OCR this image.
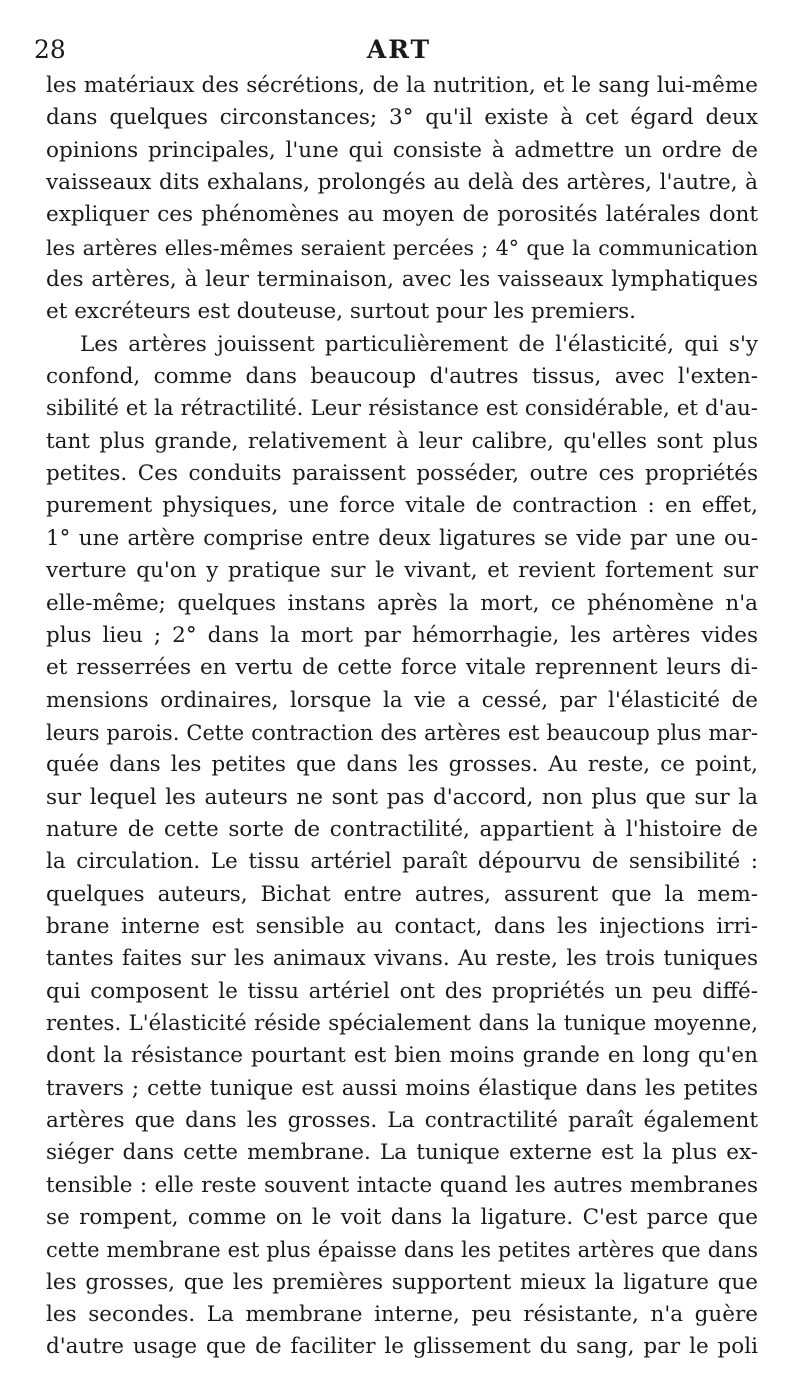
28	ART
les matériaux des sécrétions, de la nutrition, et le sang lui-même
dans quelques circonstances; 3° qu'il existe à cet égard deux
opinions principales, l'une qui consiste à admettre un ordre de
vaisseaux dits exhalans, prolongés au delà des artères, l'autre, à
expliquer ces phénomènes au moyen de porosités latérales dont
les artères elles-mêmes seraient percées ; 4° que la communication
des artères, à leur terminaison, avec les vaisseaux lymphatiques
et excréteurs est douteuse, surtout pour les premiers.
Les artères jouissent particulièrement de l'élasticité, qui s'y
confond, comme dans beaucoup d'autres tissus, avec l'exten-
sibilité et la rétractilité. Leur résistance est considérable, et d'au-
tant plus grande, relativement à leur calibre, qu'elles sont plus
petites. Ces conduits paraissent posséder, outre ces propriétés
purement physiques, une force vitale de contraction : en effet,
1° une artère comprise entre deux ligatures se vide par une ou-
verture qu'on y pratique sur le vivant, et revient fortement sur
elle-même; quelques instans après la mort, ce phénomène n'a
plus lieu ; 2° dans la mort par hémorrhagie, les artères vides
et resserrées en vertu de cette force vitale reprennent leurs di-
mensions ordinaires, lorsque la vie a cessé, par l'élasticité de
leurs parois. Cette contraction des artères est beaucoup plus mar-
quée dans les petites que dans les grosses. Au reste, ce point,
sur lequel les auteurs ne sont pas d'accord, non plus que sur la
nature de cette sorte de contractilité, appartient à l'histoire de
la circulation. Le tissu artériel paraît dépourvu de sensibilité :
quelques auteurs, Bichat entre autres, assurent que la mem-
brane interne est sensible au contact, dans les injections irri-
tantes faites sur les animaux vivans. Au reste, les trois tuniques
qui composent le tissu artériel ont des propriétés un peu diffé-
rentes. L'élasticité réside spécialement dans la tunique moyenne,
dont la résistance pourtant est bien moins grande en long qu'en
travers ; cette tunique est aussi moins élastique dans les petites
artères que dans les grosses. La contractilité paraît également
siéger dans cette membrane. La tunique externe est la plus ex-
tensible : elle reste souvent intacte quand les autres membranes
se rompent, comme on le voit dans la ligature. C'est parce que
cette membrane est plus épaisse dans les petites artères que dans
les grosses, que les premières supportent mieux la ligature que
les secondes. La membrane interne, peu résistante, n'a guère
d'autre usage que de faciliter le glissement du sang, par le poli
